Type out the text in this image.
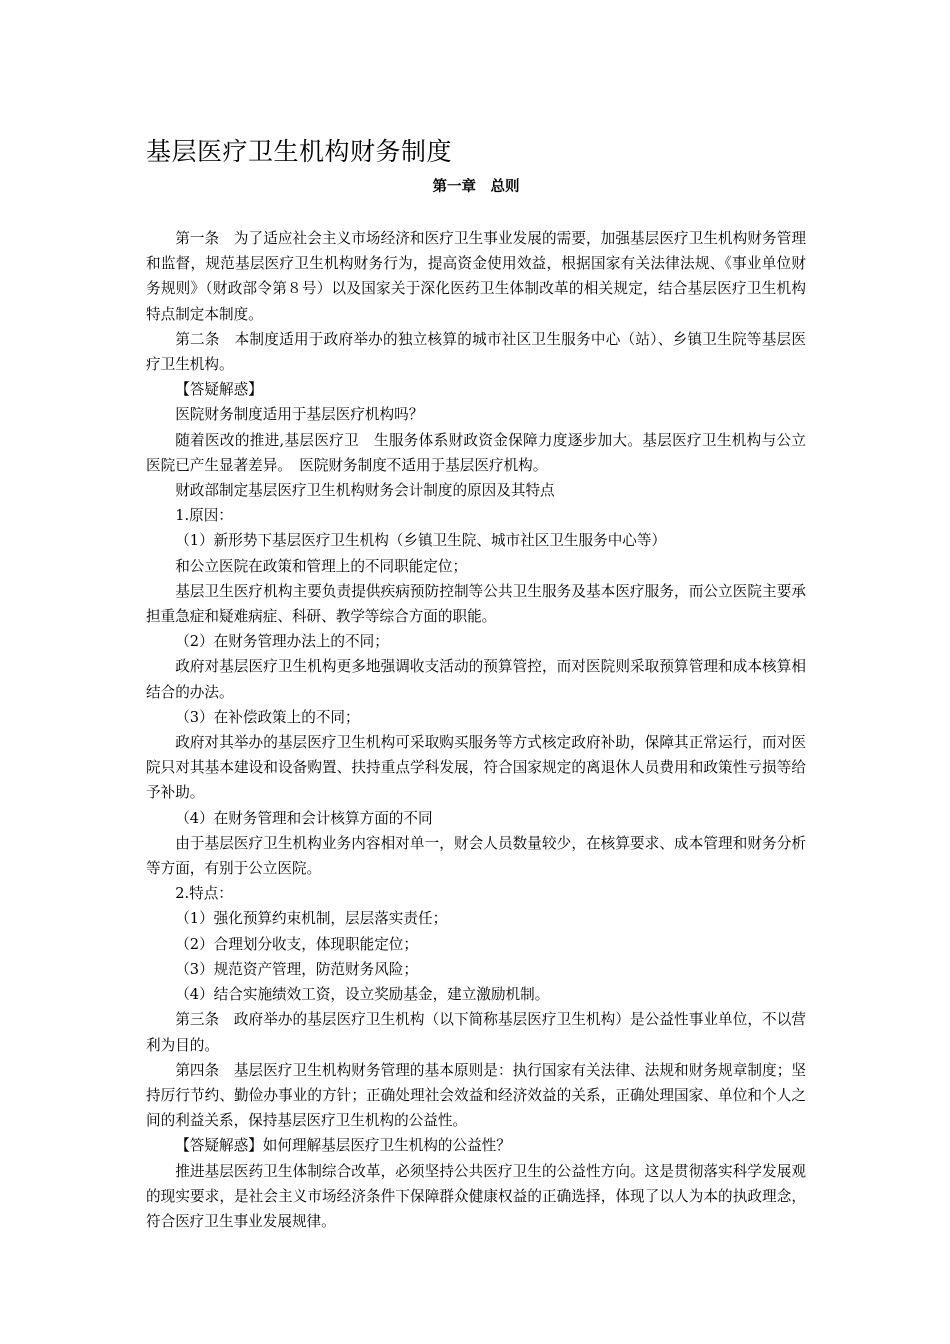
基层医疗卫生机构财务制度
第一章　总则

第一条　为了适应社会主义市场经济和医疗卫生事业发展的需要，加强基层医疗卫生机构财务管理和监督，规范基层医疗卫生机构财务行为，提高资金使用效益，根据国家有关法律法规、《事业单位财务规则》（财政部令第８号）以及国家关于深化医药卫生体制改革的相关规定，结合基层医疗卫生机构特点制定本制度。

第二条　本制度适用于政府举办的独立核算的城市社区卫生服务中心（站）、乡镇卫生院等基层医疗卫生机构。

【答疑解惑】

医院财务制度适用于基层医疗机构吗？

随着医改的推进,基层医疗卫　生服务体系财政资金保障力度逐步加大。基层医疗卫生机构与公立医院已产生显著差异。　医院财务制度不适用于基层医疗机构。

财政部制定基层医疗卫生机构财务会计制度的原因及其特点

1.原因：

（1）新形势下基层医疗卫生机构（乡镇卫生院、城市社区卫生服务中心等）

和公立医院在政策和管理上的不同职能定位；

基层卫生医疗机构主要负责提供疾病预防控制等公共卫生服务及基本医疗服务，而公立医院主要承担重急症和疑难病症、科研、教学等综合方面的职能。

（2）在财务管理办法上的不同；

政府对基层医疗卫生机构更多地强调收支活动的预算管控，而对医院则采取预算管理和成本核算相结合的办法。

（3）在补偿政策上的不同；

政府对其举办的基层医疗卫生机构可采取购买服务等方式核定政府补助，保障其正常运行，而对医院只对其基本建设和设备购置、扶持重点学科发展，符合国家规定的离退休人员费用和政策性亏损等给予补助。

（4）在财务管理和会计核算方面的不同

由于基层医疗卫生机构业务内容相对单一，财会人员数量较少，在核算要求、成本管理和财务分析等方面，有别于公立医院。

2.特点：

（1）强化预算约束机制，层层落实责任；

（2）合理划分收支，体现职能定位；

（3）规范资产管理，防范财务风险；

（4）结合实施绩效工资，设立奖励基金，建立激励机制。

第三条　政府举办的基层医疗卫生机构（以下简称基层医疗卫生机构）是公益性事业单位，不以营利为目的。

第四条　基层医疗卫生机构财务管理的基本原则是：执行国家有关法律、法规和财务规章制度；坚持厉行节约、勤俭办事业的方针；正确处理社会效益和经济效益的关系，正确处理国家、单位和个人之间的利益关系，保持基层医疗卫生机构的公益性。

【答疑解惑】如何理解基层医疗卫生机构的公益性？

推进基层医药卫生体制综合改革，必须坚持公共医疗卫生的公益性方向。这是贯彻落实科学发展观的现实要求，是社会主义市场经济条件下保障群众健康权益的正确选择，体现了以人为本的执政理念，符合医疗卫生事业发展规律。
